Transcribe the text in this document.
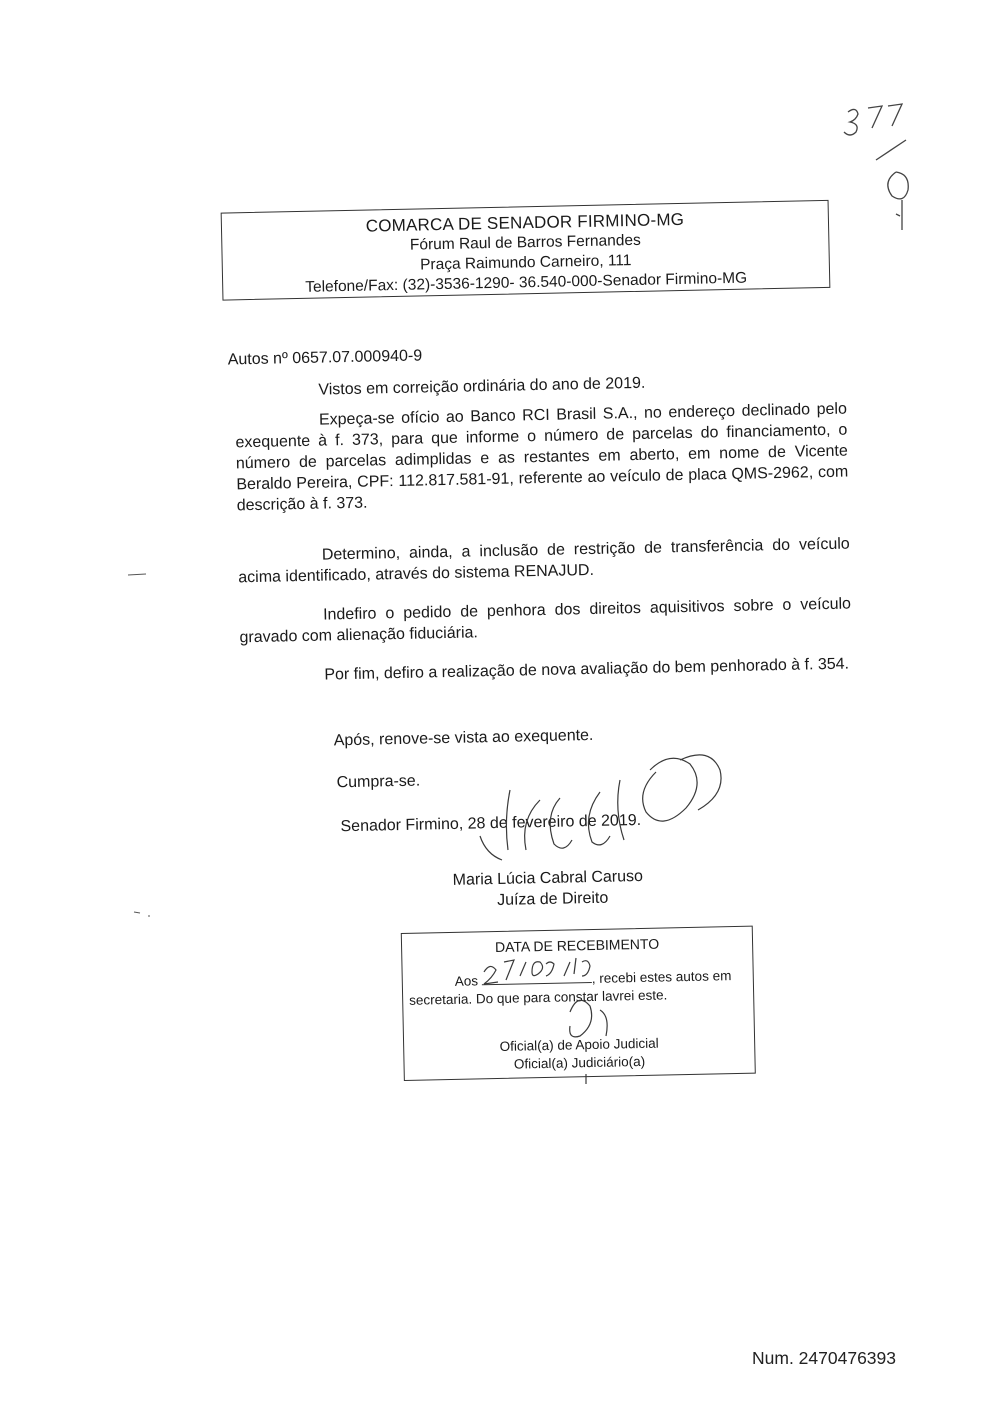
COMARCA DE SENADOR FIRMINO-MG
Fórum Raul de Barros Fernandes
Praça Raimundo Carneiro, 111
Telefone/Fax: (32)-3536-1290- 36.540-000-Senador Firmino-MG
Autos nº 0657.07.000940-9
Vistos em correição ordinária do ano de 2019.
Expeça-se ofício ao Banco RCI Brasil S.A., no endereço declinado pelo exequente à f. 373, para que informe o número de parcelas do financiamento, o número de parcelas adimplidas e as restantes em aberto, em nome de Vicente Beraldo Pereira, CPF: 112.817.581-91, referente ao veículo de placa QMS-2962, com descrição à f. 373.
Determino, ainda, a inclusão de restrição de transferência do veículo acima identificado, através do sistema RENAJUD.
Indefiro o pedido de penhora dos direitos aquisitivos sobre o veículo gravado com alienação fiduciária.
Por fim, defiro a realização de nova avaliação do bem penhorado à f. 354.
Após, renove-se vista ao exequente.
Cumpra-se.
Senador Firmino, 28 de fevereiro de 2019.
Maria Lúcia Cabral Caruso
Juíza de Direito
DATA DE RECEBIMENTO
Aos	, recebi estes autos em
secretaria. Do que para constar lavrei este.
Oficial(a) de Apoio Judicial
Oficial(a) Judiciário(a)
Num. 2470476393
